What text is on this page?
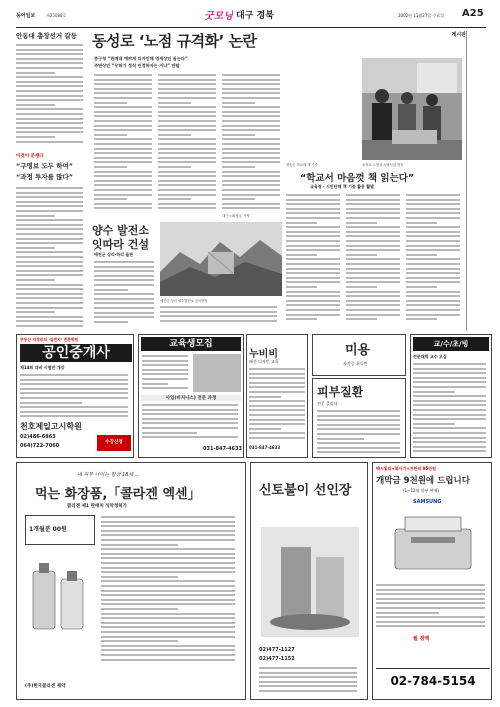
동아일보	제25088호	굿모닝 대구 경북	2002년 11월27일 수요일 A25
안동대 총장선거 갈등
이것이 문제다
“구명보 도두 하여”
“과정 투자를 많다”
동성로 ‘노점 규격화’ 논란
중구청 “판매대 예쁘게 디자인해 영세상인 돕는다”
주변상인 “무허가 정식 인정하자는 거냐” 반발
대구=최성우 기자
동성로 노점상 시범사업 현장
청송군 학교에 책 기증
“학교서 마음껏 책 읽는다”
교육청 · 시민단체 책 기증 활동 활발
양수 발전소
잇따라 건설
예천군 상리·하리 들판
예천군 상리 양수발전소 공사현장
게시판
부동산 자격증의 ‘일번지’ 전문학원
공인중개사
제14회 대비 시험반 개강
천호제일고시학원
02)486-6863
064)722-7060
수강신청
교육생모집
사업(비지니스) 전문 과정
031-847-4633
누비비
패션 디자인 교육
031-847-4633
미용
자격증 취득반
피부질환
전문 클리닉
교/수/초/빙
전문대학 교수 모집
내 피부 나이는 항상 18세 ...
먹는 화장품,「콜라겐 엑센」
콜라겐 제1 판매처 식약청허가
1개월분 00원
(주)한국콜라겐 제약
신토불이 선인장
02)477-1127
02)477-1152
팩시밀리+복사기+프린터 95만원
개막금 9천원에 드립니다
(1~12월 할부 판매)
SAMSUNG
월 정액
02-784-5154
